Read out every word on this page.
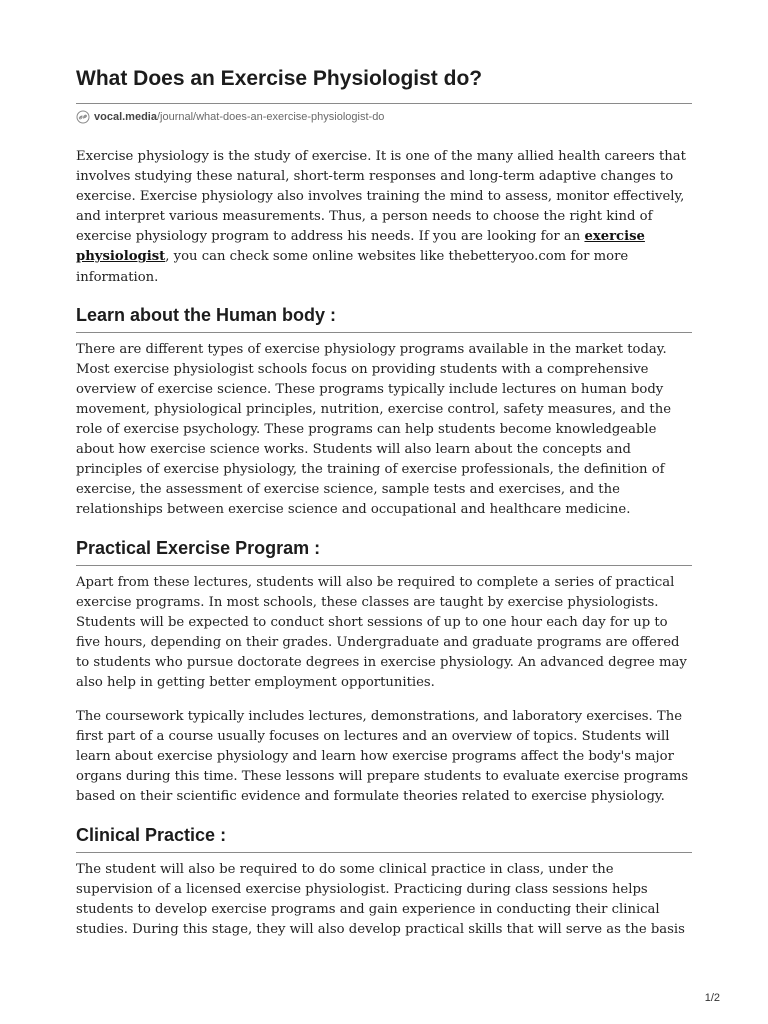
What Does an Exercise Physiologist do?
vocal.media /journal/what-does-an-exercise-physiologist-do

Exercise physiology is the study of exercise. It is one of the many allied health careers that involves studying these natural, short-term responses and long-term adaptive changes to exercise. Exercise physiology also involves training the mind to assess, monitor effectively, and interpret various measurements. Thus, a person needs to choose the right kind of exercise physiology program to address his needs. If you are looking for an exercise physiologist, you can check some online websites like thebetteryoo.com for more information.

Learn about the Human body :

There are different types of exercise physiology programs available in the market today. Most exercise physiologist schools focus on providing students with a comprehensive overview of exercise science. These programs typically include lectures on human body movement, physiological principles, nutrition, exercise control, safety measures, and the role of exercise psychology. These programs can help students become knowledgeable about how exercise science works. Students will also learn about the concepts and principles of exercise physiology, the training of exercise professionals, the definition of exercise, the assessment of exercise science, sample tests and exercises, and the relationships between exercise science and occupational and healthcare medicine.

Practical Exercise Program :

Apart from these lectures, students will also be required to complete a series of practical exercise programs. In most schools, these classes are taught by exercise physiologists. Students will be expected to conduct short sessions of up to one hour each day for up to five hours, depending on their grades. Undergraduate and graduate programs are offered to students who pursue doctorate degrees in exercise physiology. An advanced degree may also help in getting better employment opportunities.

The coursework typically includes lectures, demonstrations, and laboratory exercises. The first part of a course usually focuses on lectures and an overview of topics. Students will learn about exercise physiology and learn how exercise programs affect the body's major organs during this time. These lessons will prepare students to evaluate exercise programs based on their scientific evidence and formulate theories related to exercise physiology.

Clinical Practice :

The student will also be required to do some clinical practice in class, under the supervision of a licensed exercise physiologist. Practicing during class sessions helps students to develop exercise programs and gain experience in conducting their clinical studies. During this stage, they will also develop practical skills that will serve as the basis

1/2
